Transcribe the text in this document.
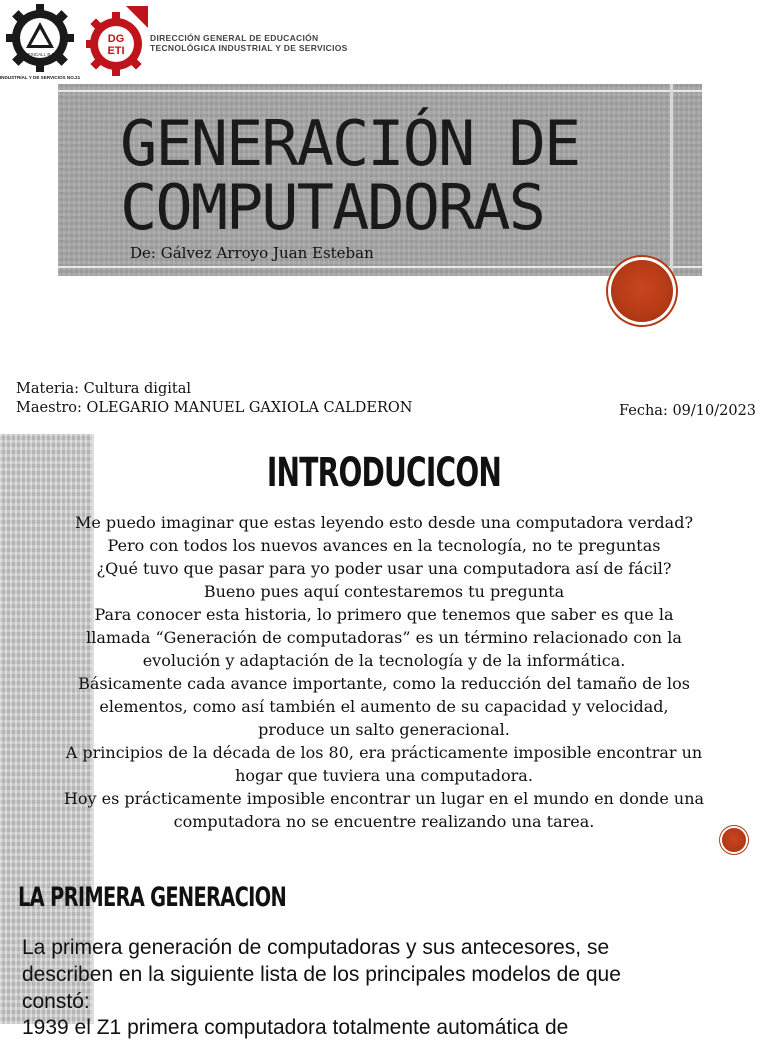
MEXICALI, B.C.
INDUSTRIAL Y DE SERVICIOS NO.21
DG
ETI
DIRECCIÓN GENERAL DE EDUCACIÓN
TECNOLÓGICA INDUSTRIAL Y DE SERVICIOS
GENERACIÓN DE
COMPUTADORAS
De: Gálvez Arroyo Juan Esteban
Materia: Cultura digital
Maestro: OLEGARIO MANUEL GAXIOLA CALDERON	Fecha: 09/10/2023
INTRODUCICON
Me puedo imaginar que estas leyendo esto desde una computadora verdad?
Pero con todos los nuevos avances en la tecnología, no te preguntas
¿Qué tuvo que pasar para yo poder usar una computadora así de fácil?
Bueno pues aquí contestaremos tu pregunta
Para conocer esta historia, lo primero que tenemos que saber es que la
llamada “Generación de computadoras” es un término relacionado con la
evolución y adaptación de la tecnología y de la informática.
Básicamente cada avance importante, como la reducción del tamaño de los
elementos, como así también el aumento de su capacidad y velocidad,
produce un salto generacional.
A principios de la década de los 80, era prácticamente imposible encontrar un
hogar que tuviera una computadora.
Hoy es prácticamente imposible encontrar un lugar en el mundo en donde una
computadora no se encuentre realizando una tarea.
LA PRIMERA GENERACION
La primera generación de computadoras y sus antecesores, se
describen en la siguiente lista de los principales modelos de que
constó:
1939 el Z1 primera computadora totalmente automática de
